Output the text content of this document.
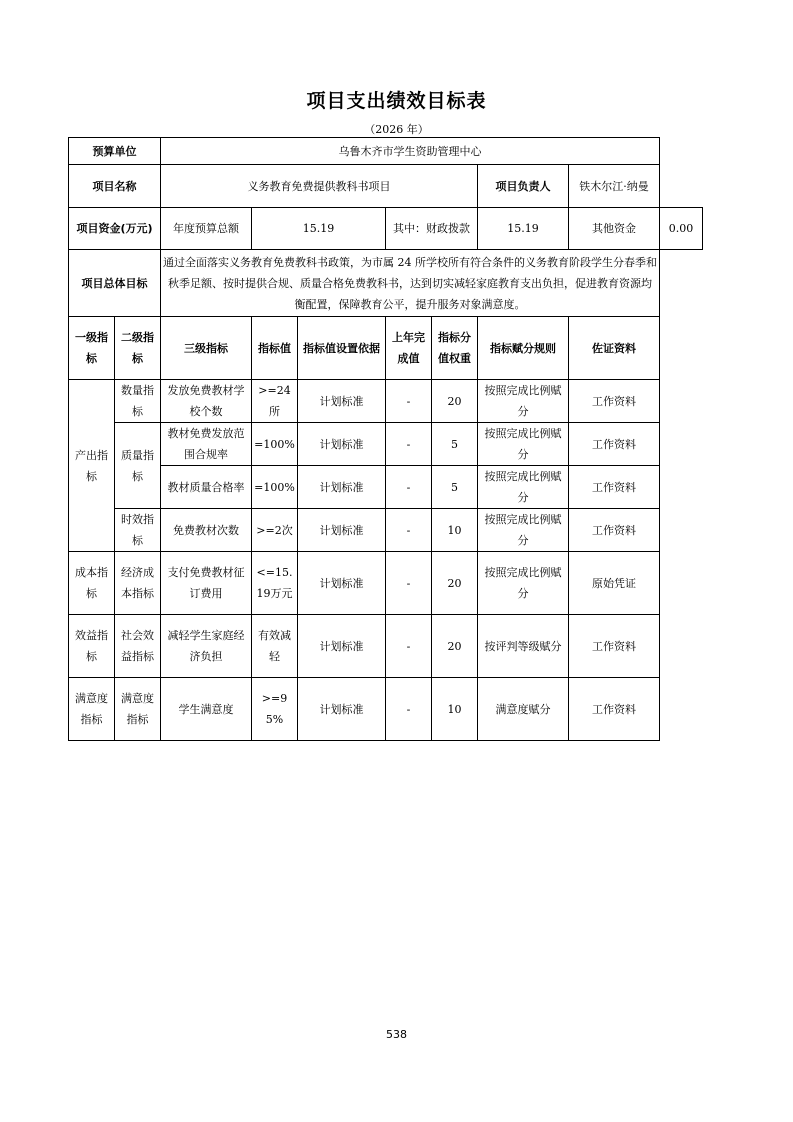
项目支出绩效目标表
（2026 年）
预算单位		乌鲁木齐市学生资助管理中心							
项目名称		义务教育免费提供教科书项目					项目负责人	铁木尔江·纳曼	
项目资金(万元)		年度预算总额	15.19		其中：财政拨款		15.19	其他资金	0.00
项目总体目标		通过全面落实义务教育免费教科书政策，为市属 24 所学校所有符合条件的义务教育阶段学生分春季和秋季足额、按时提供合规、质量合格免费教科书，达到切实减轻家庭教育支出负担，促进教育资源均衡配置，保障教育公平，提升服务对象满意度。							
一级指标	二级指标	三级指标	指标值	指标值设置依据	上年完成值	指标分值权重	指标赋分规则	佐证资料	
产出指标	数量指标	发放免费教材学校个数	>=24所	计划标准	-	20	按照完成比例赋分	工作资料	
	质量指标	教材免费发放范围合规率	=100%	计划标准	-	5	按照完成比例赋分	工作资料	
		教材质量合格率	=100%	计划标准	-	5	按照完成比例赋分	工作资料	
	时效指标	免费教材次数	>=2次	计划标准	-	10	按照完成比例赋分	工作资料	
成本指标	经济成本指标	支付免费教材征订费用	<=15.19万元	计划标准	-	20	按照完成比例赋分	原始凭证	
效益指标	社会效益指标	减轻学生家庭经济负担	有效减轻	计划标准	-	20	按评判等级赋分	工作资料	
满意度指标	满意度指标	学生满意度	>=95%	计划标准	-	10	满意度赋分	工作资料	
538
